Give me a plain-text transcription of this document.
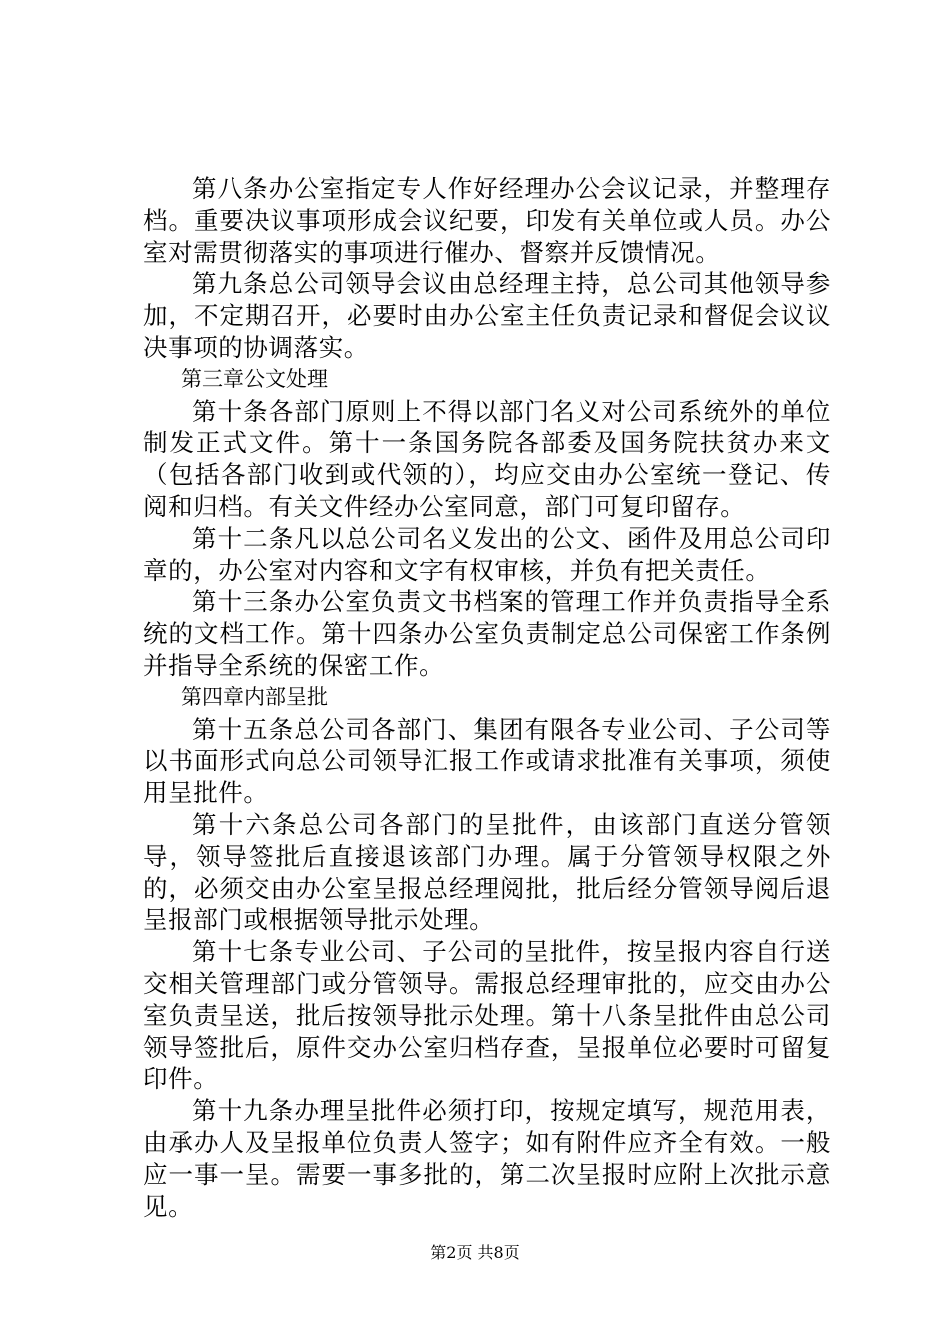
第八条办公室指定专人作好经理办公会议记录，并整理存档。重要决议事项形成会议纪要，印发有关单位或人员。办公室对需贯彻落实的事项进行催办、督察并反馈情况。

第九条总公司领导会议由总经理主持，总公司其他领导参加，不定期召开，必要时由办公室主任负责记录和督促会议议决事项的协调落实。

第三章公文处理

第十条各部门原则上不得以部门名义对公司系统外的单位制发正式文件。第十一条国务院各部委及国务院扶贫办来文（包括各部门收到或代领的），均应交由办公室统一登记、传阅和归档。有关文件经办公室同意，部门可复印留存。

第十二条凡以总公司名义发出的公文、函件及用总公司印章的，办公室对内容和文字有权审核，并负有把关责任。

第十三条办公室负责文书档案的管理工作并负责指导全系统的文档工作。第十四条办公室负责制定总公司保密工作条例并指导全系统的保密工作。

第四章内部呈批

第十五条总公司各部门、集团有限各专业公司、子公司等以书面形式向总公司领导汇报工作或请求批准有关事项，须使用呈批件。

第十六条总公司各部门的呈批件，由该部门直送分管领导，领导签批后直接退该部门办理。属于分管领导权限之外的，必须交由办公室呈报总经理阅批，批后经分管领导阅后退呈报部门或根据领导批示处理。

第十七条专业公司、子公司的呈批件，按呈报内容自行送交相关管理部门或分管领导。需报总经理审批的，应交由办公室负责呈送，批后按领导批示处理。第十八条呈批件由总公司领导签批后，原件交办公室归档存查，呈报单位必要时可留复印件。

第十九条办理呈批件必须打印，按规定填写，规范用表，由承办人及呈报单位负责人签字；如有附件应齐全有效。一般应一事一呈。需要一事多批的，第二次呈报时应附上次批示意见。

第2页 共8页
